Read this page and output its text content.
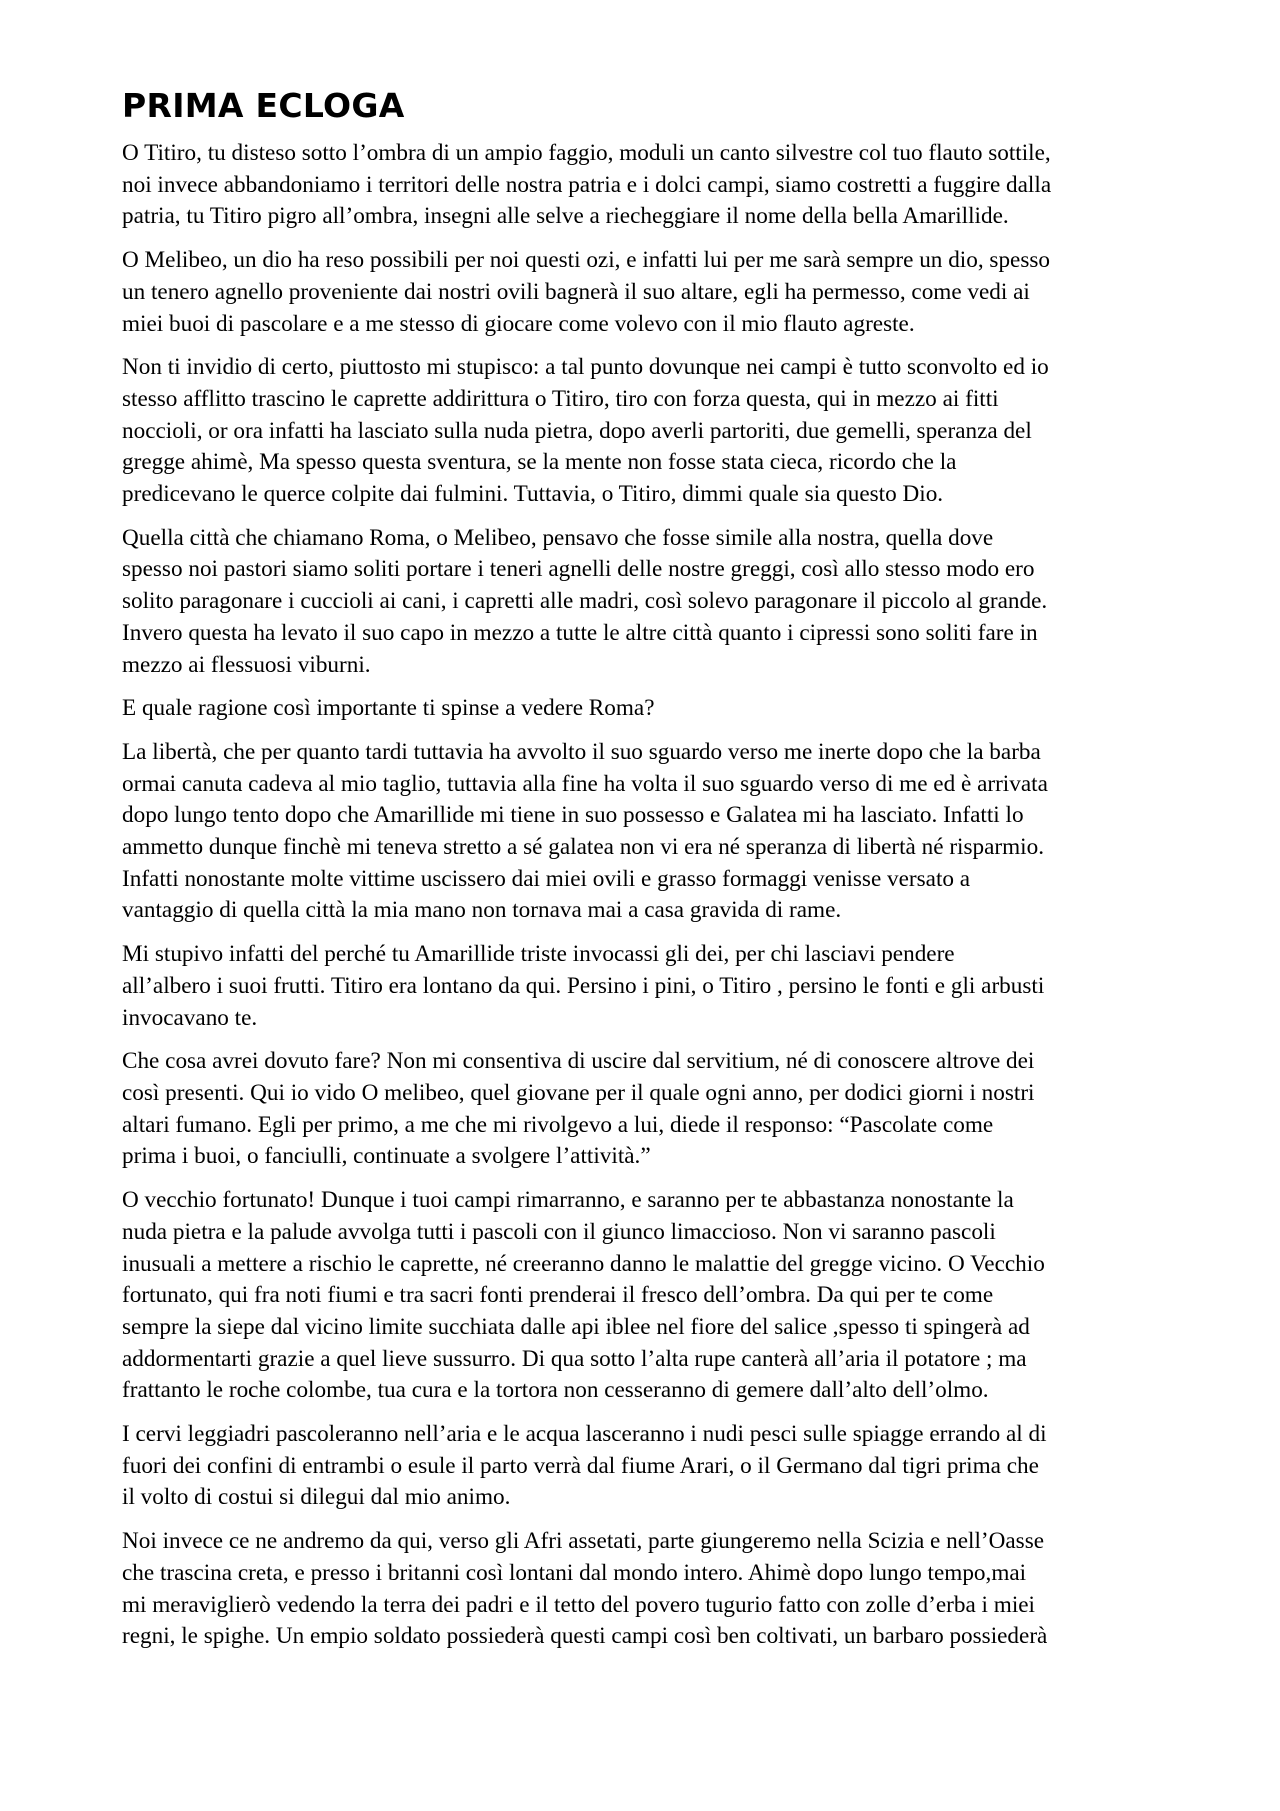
PRIMA ECLOGA

O Titiro, tu disteso sotto l’ombra di un ampio faggio, moduli un canto silvestre col tuo flauto sottile,
noi invece abbandoniamo i territori delle nostra patria e i dolci campi, siamo costretti a fuggire dalla
patria, tu Titiro pigro all’ombra, insegni alle selve a riecheggiare il nome della bella Amarillide.

O Melibeo, un dio ha reso possibili per noi questi ozi, e infatti lui per me sarà sempre un dio, spesso
un tenero agnello proveniente dai nostri ovili bagnerà il suo altare, egli ha permesso, come vedi ai
miei buoi di pascolare e a me stesso di giocare come volevo con il mio flauto agreste.

Non ti invidio di certo, piuttosto mi stupisco: a tal punto dovunque nei campi è tutto sconvolto ed io
stesso afflitto trascino le caprette addirittura o Titiro, tiro con forza questa, qui in mezzo ai fitti
noccioli, or ora infatti ha lasciato sulla nuda pietra, dopo averli partoriti, due gemelli, speranza del
gregge ahimè, Ma spesso questa sventura, se la mente non fosse stata cieca, ricordo che la
predicevano le querce colpite dai fulmini. Tuttavia, o Titiro, dimmi quale sia questo Dio.

Quella città che chiamano Roma, o Melibeo, pensavo che fosse simile alla nostra, quella dove
spesso noi pastori siamo soliti portare i teneri agnelli delle nostre greggi, così allo stesso modo ero
solito paragonare i cuccioli ai cani, i capretti alle madri, così solevo paragonare il piccolo al grande.
Invero questa ha levato il suo capo in mezzo a tutte le altre città quanto i cipressi sono soliti fare in
mezzo ai flessuosi viburni.

E quale ragione così importante ti spinse a vedere Roma?

La libertà, che per quanto tardi tuttavia ha avvolto il suo sguardo verso me inerte dopo che la barba
ormai canuta cadeva al mio taglio, tuttavia alla fine ha volta il suo sguardo verso di me ed è arrivata
dopo lungo tento dopo che Amarillide mi tiene in suo possesso e Galatea mi ha lasciato. Infatti lo
ammetto dunque finchè mi teneva stretto a sé galatea non vi era né speranza di libertà né risparmio.
Infatti nonostante molte vittime uscissero dai miei ovili e grasso formaggi venisse versato a
vantaggio di quella città la mia mano non tornava mai a casa gravida di rame.

Mi stupivo infatti del perché tu Amarillide triste invocassi gli dei, per chi lasciavi pendere
all’albero i suoi frutti. Titiro era lontano da qui. Persino i pini, o Titiro , persino le fonti e gli arbusti
invocavano te.

Che cosa avrei dovuto fare? Non mi consentiva di uscire dal servitium, né di conoscere altrove dei
così presenti. Qui io vido O melibeo, quel giovane per il quale ogni anno, per dodici giorni i nostri
altari fumano. Egli per primo, a me che mi rivolgevo a lui, diede il responso: “Pascolate come
prima i buoi, o fanciulli, continuate a svolgere l’attività.”

O vecchio fortunato! Dunque i tuoi campi rimarranno, e saranno per te abbastanza nonostante la
nuda pietra e la palude avvolga tutti i pascoli con il giunco limaccioso. Non vi saranno pascoli
inusuali a mettere a rischio le caprette, né creeranno danno le malattie del gregge vicino. O Vecchio
fortunato, qui fra noti fiumi e tra sacri fonti prenderai il fresco dell’ombra. Da qui per te come
sempre la siepe dal vicino limite succhiata dalle api iblee nel fiore del salice ,spesso ti spingerà ad
addormentarti grazie a quel lieve sussurro. Di qua sotto l’alta rupe canterà all’aria il potatore ; ma
frattanto le roche colombe, tua cura e la tortora non cesseranno di gemere dall’alto dell’olmo.

I cervi leggiadri pascoleranno nell’aria e le acqua lasceranno i nudi pesci sulle spiagge errando al di
fuori dei confini di entrambi o esule il parto verrà dal fiume Arari, o il Germano dal tigri prima che
il volto di costui si dilegui dal mio animo.

Noi invece ce ne andremo da qui, verso gli Afri assetati, parte giungeremo nella Scizia e nell’Oasse
che trascina creta, e presso i britanni così lontani dal mondo intero. Ahimè dopo lungo tempo,mai
mi meraviglierò vedendo la terra dei padri e il tetto del povero tugurio fatto con zolle d’erba i miei
regni, le spighe. Un empio soldato possiederà questi campi così ben coltivati, un barbaro possiederà
